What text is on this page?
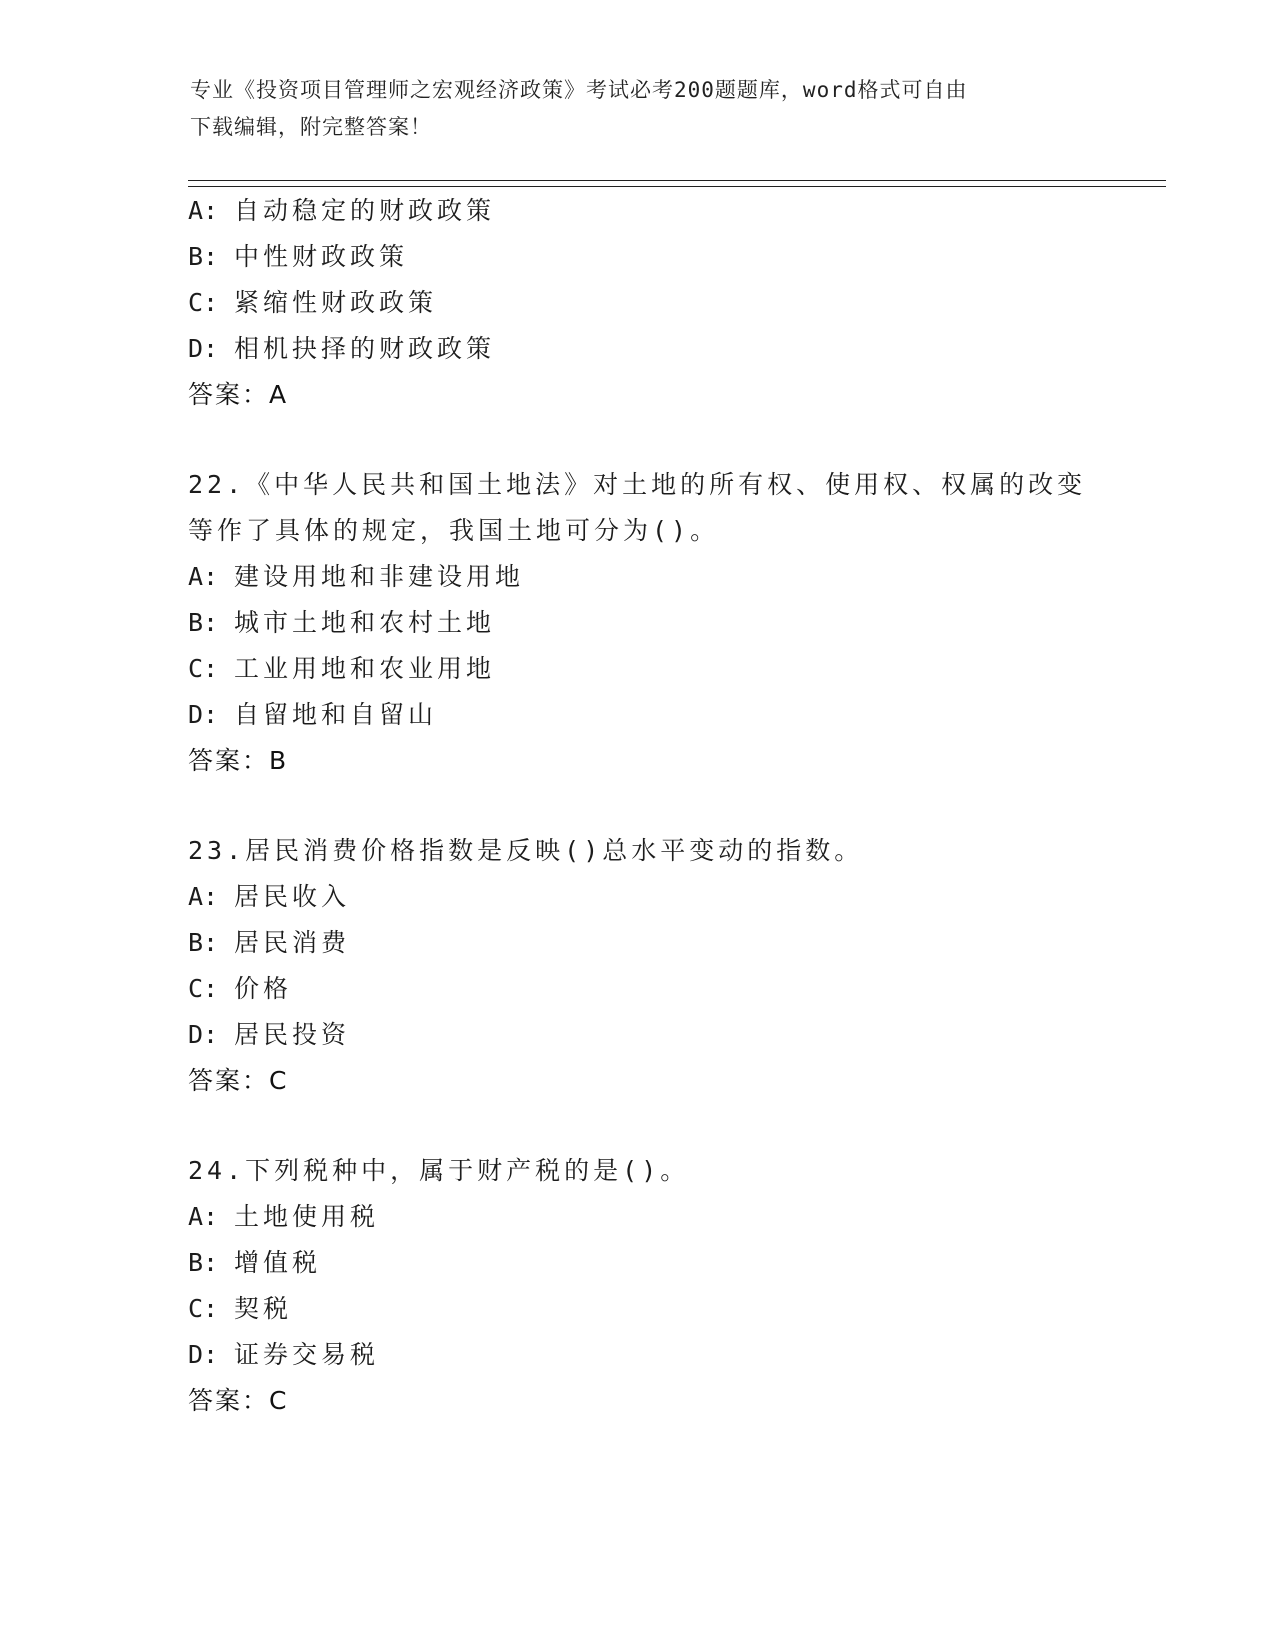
专业《投资项目管理师之宏观经济政策》考试必考200题题库，word格式可自由
下载编辑，附完整答案！
A: 自动稳定的财政政策
B: 中性财政政策
C: 紧缩性财政政策
D: 相机抉择的财政政策
答案：A
22.《中华人民共和国土地法》对土地的所有权、使用权、权属的改变
等作了具体的规定，我国土地可分为()。
A: 建设用地和非建设用地
B: 城市土地和农村土地
C: 工业用地和农业用地
D: 自留地和自留山
答案：B
23.居民消费价格指数是反映()总水平变动的指数。
A: 居民收入
B: 居民消费
C: 价格
D: 居民投资
答案：C
24.下列税种中，属于财产税的是()。
A: 土地使用税
B: 增值税
C: 契税
D: 证券交易税
答案：C
